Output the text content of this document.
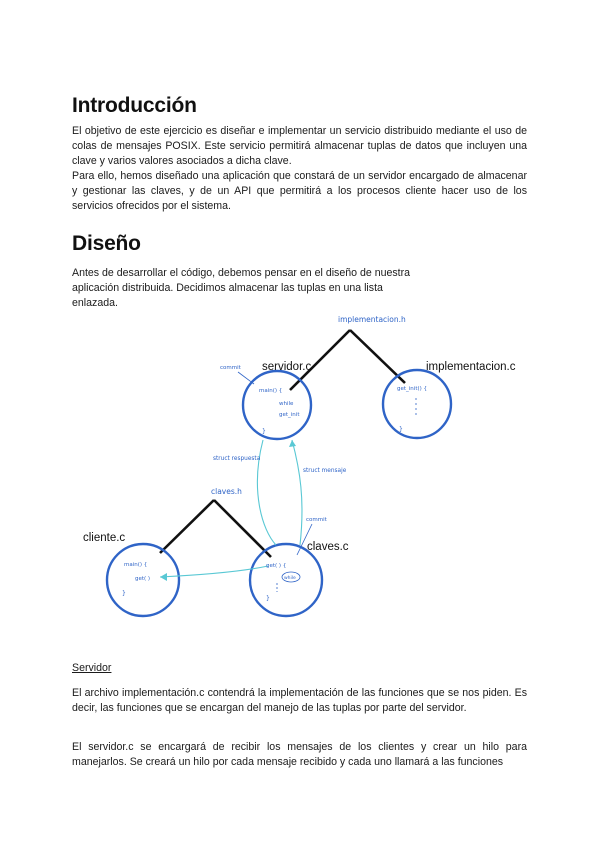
Introducción

El objetivo de este ejercicio es diseñar e implementar un servicio distribuido mediante el uso de colas de mensajes POSIX. Este servicio permitirá almacenar tuplas de datos que incluyen una clave y varios valores asociados a dicha clave.

Para ello, hemos diseñado una aplicación que constará de un servidor encargado de almacenar y gestionar las claves, y de un API que permitirá a los procesos cliente hacer uso de los servicios ofrecidos por el sistema.

Diseño

Antes de desarrollar el código, debemos pensar en el diseño de nuestra aplicación distribuida. Decidimos almacenar las tuplas en una lista enlazada.

servidor.c	implementacion.c
cliente.c
claves.c
implementacion.h
claves.h
commit
commit
struct respuesta
struct mensaje
main() {
while
get_init
}
get_init() {
}
main() {
get( )
}
get( ) {
while
}

Servidor

El archivo implementación.c contendrá la implementación de las funciones que se nos piden. Es decir, las funciones que se encargan del manejo de las tuplas por parte del servidor.

El servidor.c se encargará de recibir los mensajes de los clientes y crear un hilo para manejarlos. Se creará un hilo por cada mensaje recibido y cada uno llamará a las funciones
